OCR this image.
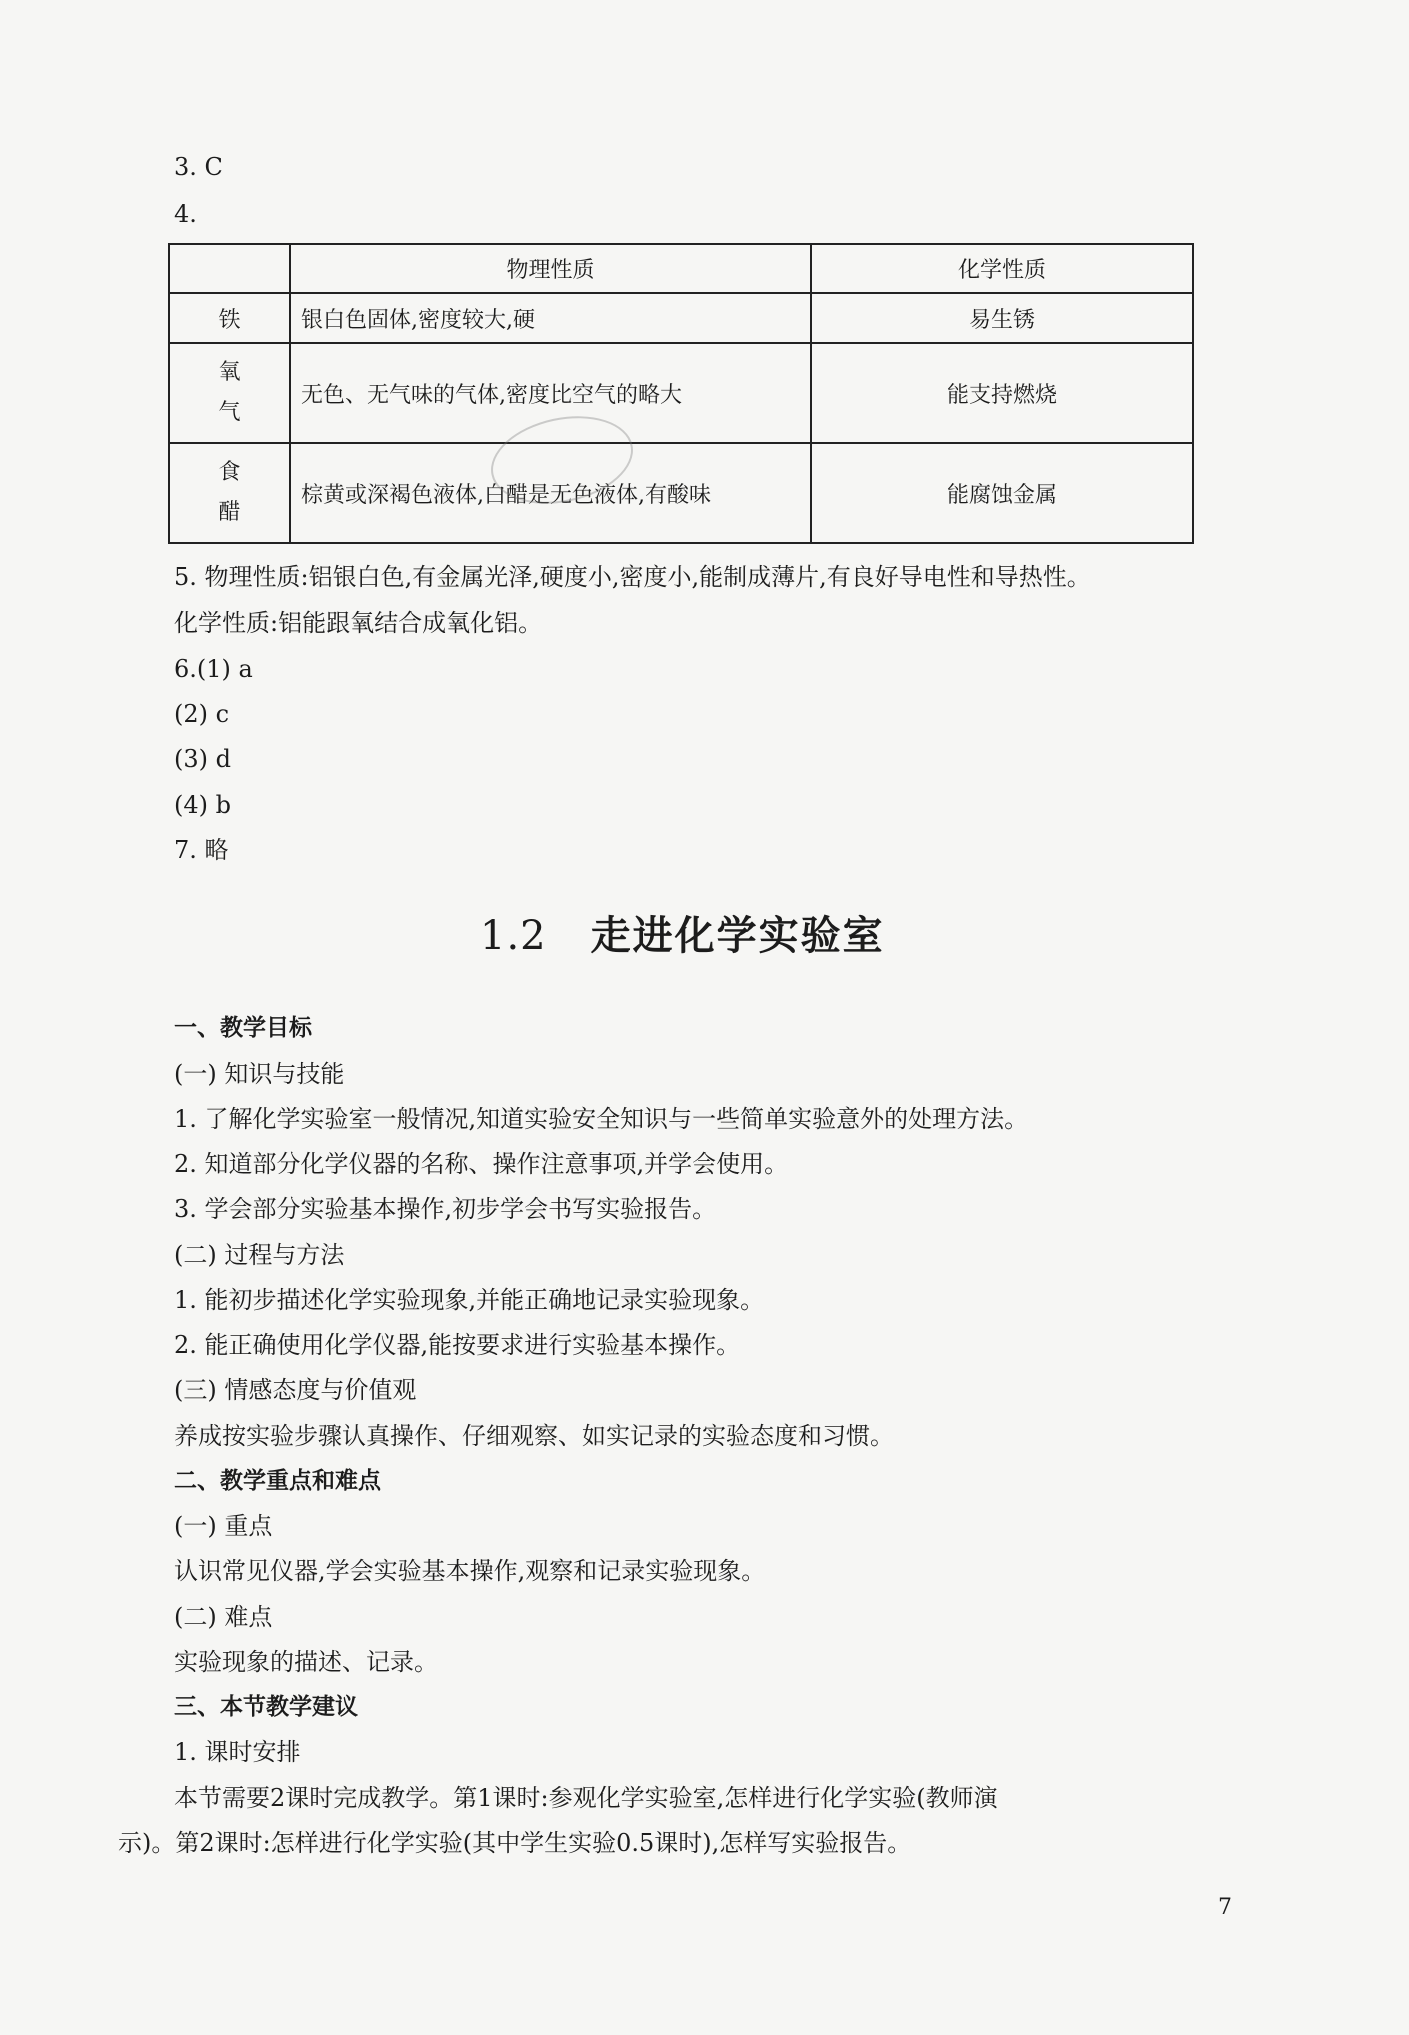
3. C
4.
	物理性质	化学性质
铁	银白色固体,密度较大,硬	易生锈

氧
气	无色、无气味的气体,密度比空气的略大	能支持燃烧

食
醋	棕黄或深褐色液体,白醋是无色液体,有酸味	能腐蚀金属
5. 物理性质:铝银白色,有金属光泽,硬度小,密度小,能制成薄片,有良好导电性和导热性。
化学性质:铝能跟氧结合成氧化铝。
6.(1) a
(2) c
(3) d
(4) b
7. 略
1.2 走进化学实验室
一、教学目标
(一) 知识与技能
1. 了解化学实验室一般情况,知道实验安全知识与一些简单实验意外的处理方法。
2. 知道部分化学仪器的名称、操作注意事项,并学会使用。
3. 学会部分实验基本操作,初步学会书写实验报告。
(二) 过程与方法
1. 能初步描述化学实验现象,并能正确地记录实验现象。
2. 能正确使用化学仪器,能按要求进行实验基本操作。
(三) 情感态度与价值观
养成按实验步骤认真操作、仔细观察、如实记录的实验态度和习惯。
二、教学重点和难点
(一) 重点
认识常见仪器,学会实验基本操作,观察和记录实验现象。
(二) 难点
实验现象的描述、记录。
三、本节教学建议
1. 课时安排
本节需要2课时完成教学。第1课时:参观化学实验室,怎样进行化学实验(教师演
示)。第2课时:怎样进行化学实验(其中学生实验0.5课时),怎样写实验报告。
7
